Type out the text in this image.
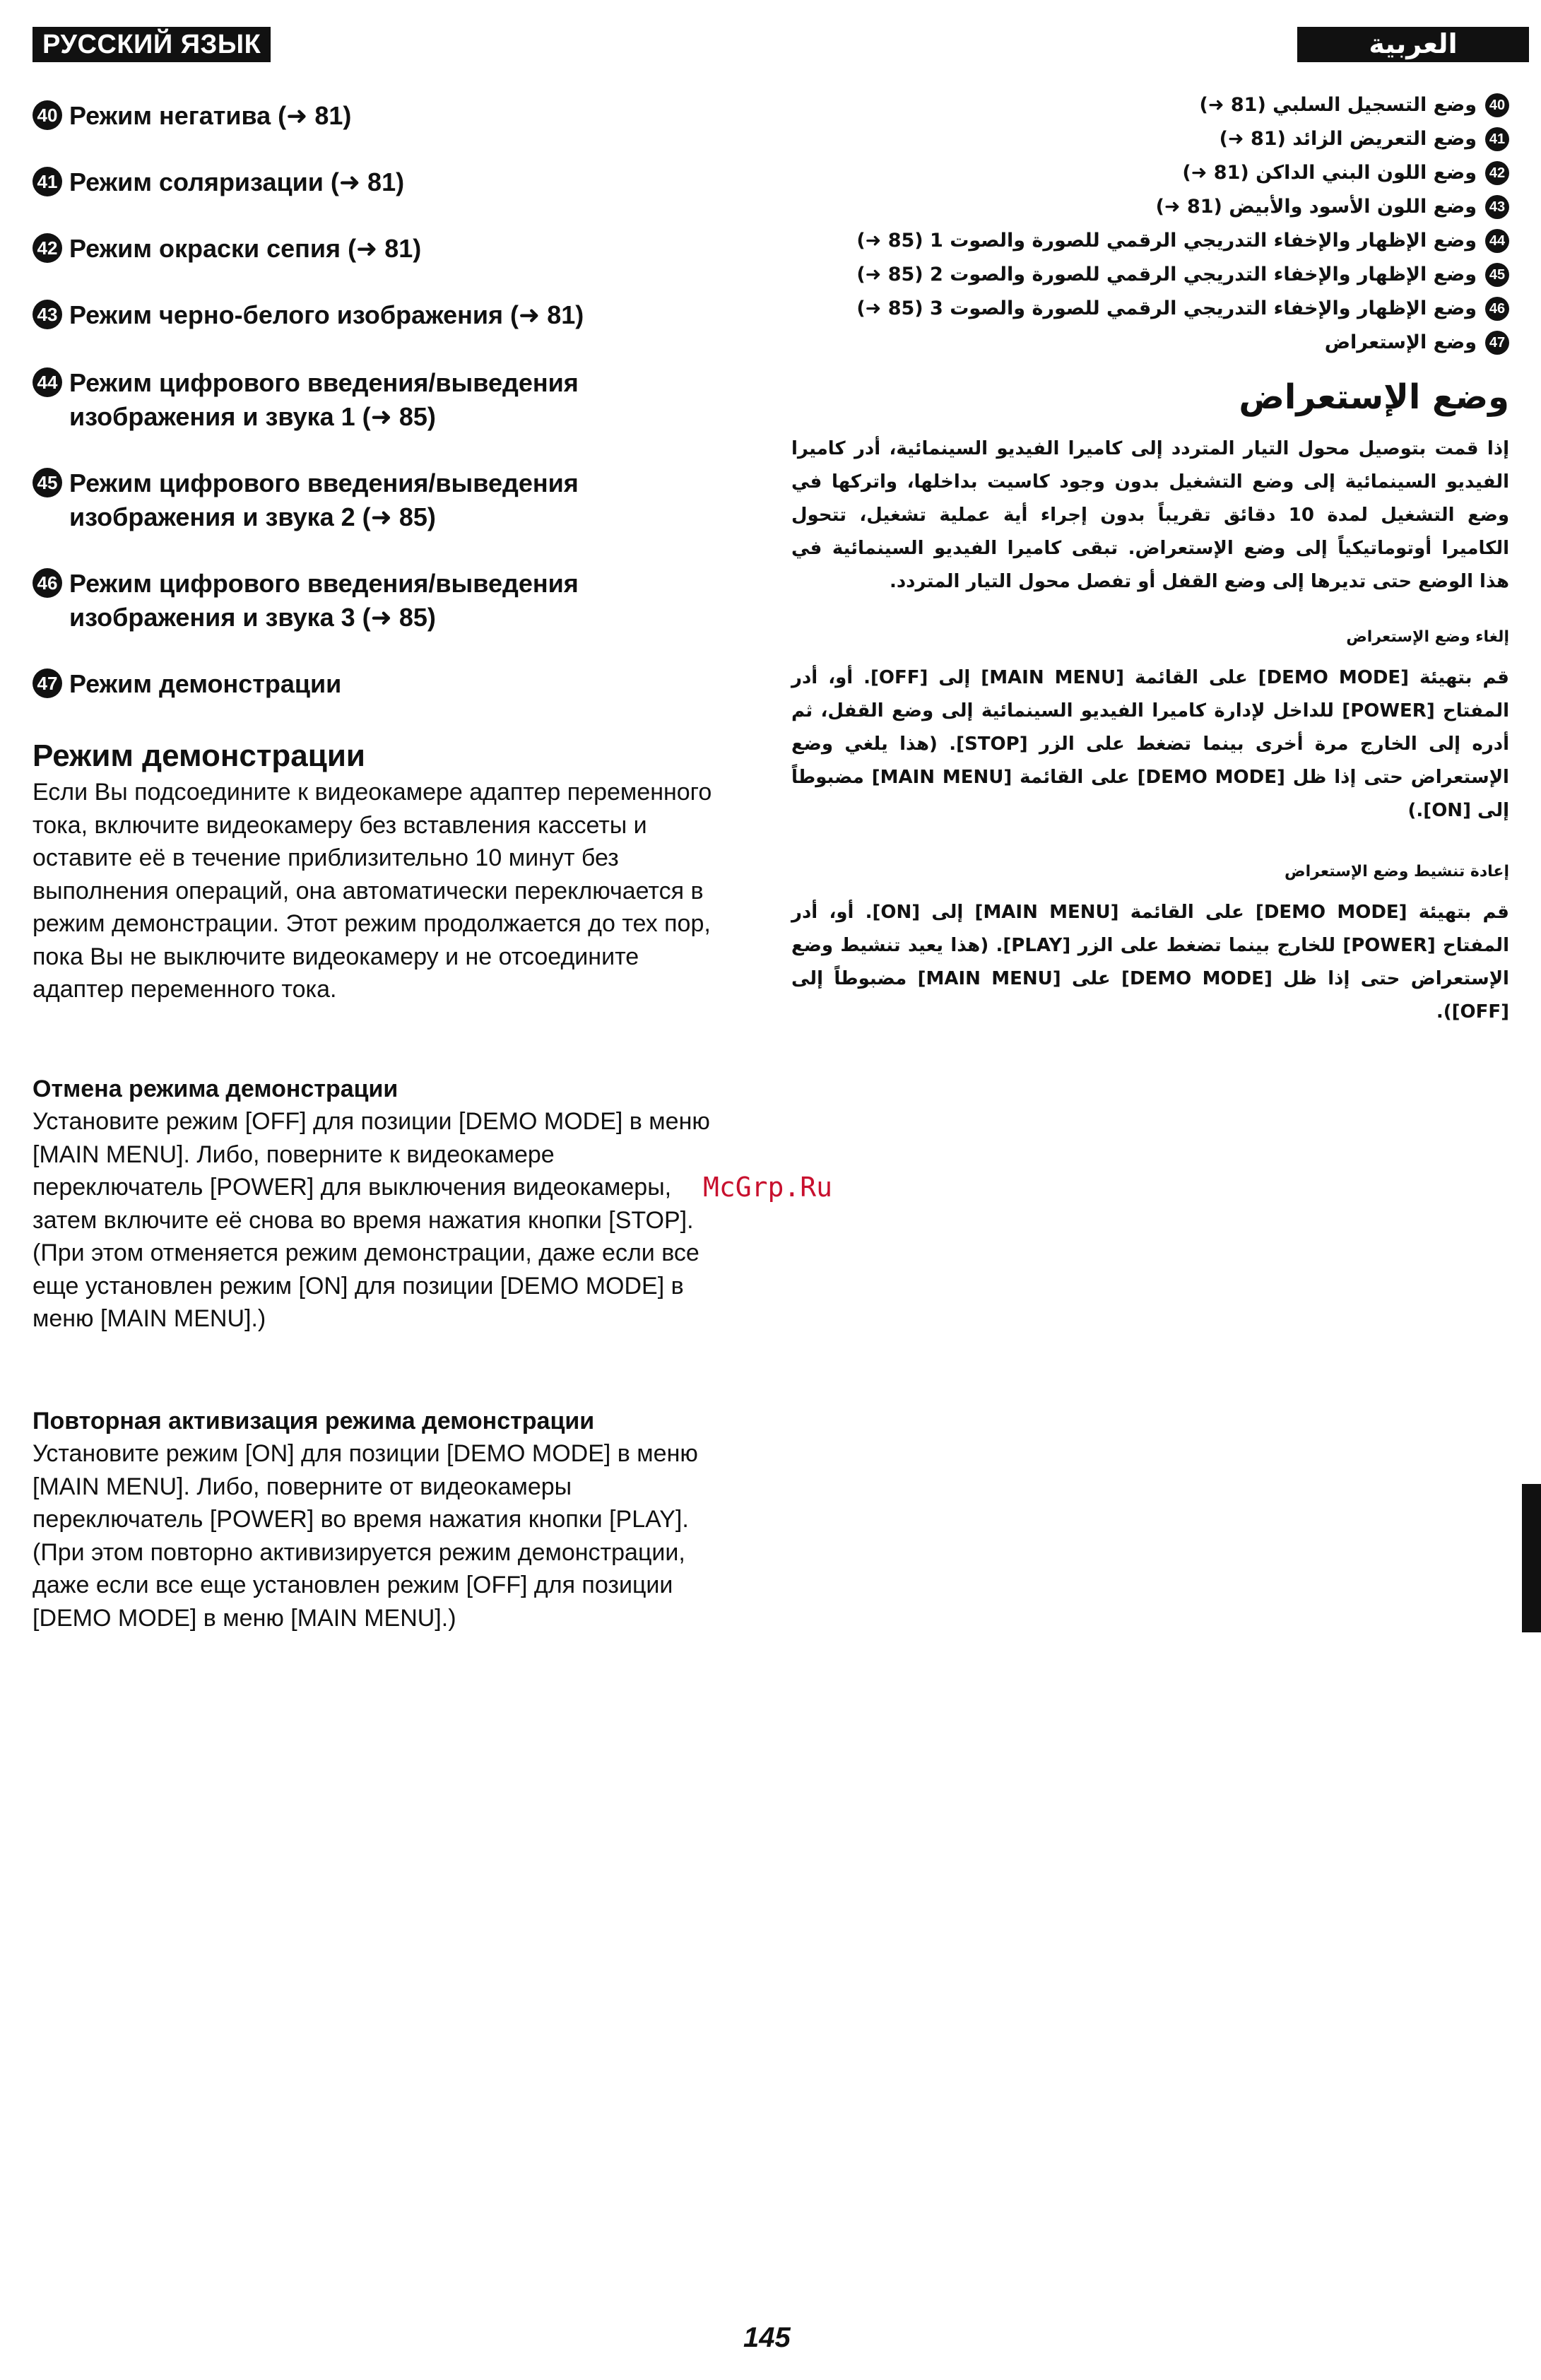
РУССКИЙ ЯЗЫК	العربية
40 Режим негатива (➜ 81)
41 Режим соляризации (➜ 81)
42 Режим окраски сепия (➜ 81)
43 Режим черно-белого изображения (➜ 81)
44 Режим цифрового введения/выведения
изображения и звука 1 (➜ 85)
45 Режим цифрового введения/выведения
изображения и звука 2 (➜ 85)
46 Режим цифрового введения/выведения
изображения и звука 3 (➜ 85)
47 Режим демонстрации
Режим демонстрации

Если Вы подсоедините к видеокамере адаптер переменного тока, включите видеокамеру без вставления кассеты и оставите её в течение приблизительно 10 минут без выполнения операций, она автоматически переключается в режим демонстрации. Этот режим продолжается до тех пор, пока Вы не выключите видеокамеру и не отсоедините адаптер переменного тока.

Отмена режима демонстрации

Установите режим [OFF] для позиции [DEMO MODE] в меню [MAIN MENU]. Либо, поверните к видеокамере переключатель [POWER] для выключения видеокамеры, затем включите её снова во время нажатия кнопки [STOP]. (При этом отменяется режим демонстрации, даже если все еще установлен режим [ON] для позиции [DEMO MODE] в меню [MAIN MENU].)

Повторная активизация режима демонстрации

Установите режим [ON] для позиции [DEMO MODE] в меню [MAIN MENU]. Либо, поверните от видеокамеры переключатель [POWER] во время нажатия кнопки [PLAY]. (При этом повторно активизируется режим демонстрации, даже если все еще установлен режим [OFF] для позиции [DEMO MODE] в меню [MAIN MENU].)

40
وضع التسجيل السلبي (81 ➜)
41
وضع التعريض الزائد (81 ➜)
42
وضع اللون البني الداكن (81 ➜)
43
وضع اللون الأسود والأبيض (81 ➜)
44
وضع الإظهار والإخفاء التدريجي الرقمي للصورة والصوت 1 (85 ➜)
45
وضع الإظهار والإخفاء التدريجي الرقمي للصورة والصوت 2 (85 ➜)
46
وضع الإظهار والإخفاء التدريجي الرقمي للصورة والصوت 3 (85 ➜)
47
وضع الإستعراض
وضع الإستعراض

إذا قمت بتوصيل محول التيار المتردد إلى كاميرا الفيديو السينمائية، أدر كاميرا الفيديو السينمائية إلى وضع التشغيل بدون وجود كاسيت بداخلها، واتركها في وضع التشغيل لمدة 10 دقائق تقريباً بدون إجراء أية عملية تشغيل، تتحول الكاميرا أوتوماتيكياً إلى وضع الإستعراض. تبقى كاميرا الفيديو السينمائية في هذا الوضع حتى تديرها إلى وضع القفل أو تفصل محول التيار المتردد.

إلغاء وضع الإستعراض

قم بتهيئة [DEMO MODE] على القائمة [MAIN MENU] إلى [OFF]. أو، أدر المفتاح [POWER] للداخل لإدارة كاميرا الفيديو السينمائية إلى وضع القفل، ثم أدره إلى الخارج مرة أخرى بينما تضغط على الزر [STOP]. (هذا يلغي وضع الإستعراض حتى إذا ظل [DEMO MODE] على القائمة [MAIN MENU] مضبوطاً إلى [ON].)

إعادة تنشيط وضع الإستعراض

قم بتهيئة [DEMO MODE] على القائمة [MAIN MENU] إلى [ON]. أو، أدر المفتاح [POWER] للخارج بينما تضغط على الزر [PLAY]. (هذا يعيد تنشيط وضع الإستعراض حتى إذا ظل [DEMO MODE] على [MAIN MENU] مضبوطاً إلى [OFF]).

McGrp.Ru
145
